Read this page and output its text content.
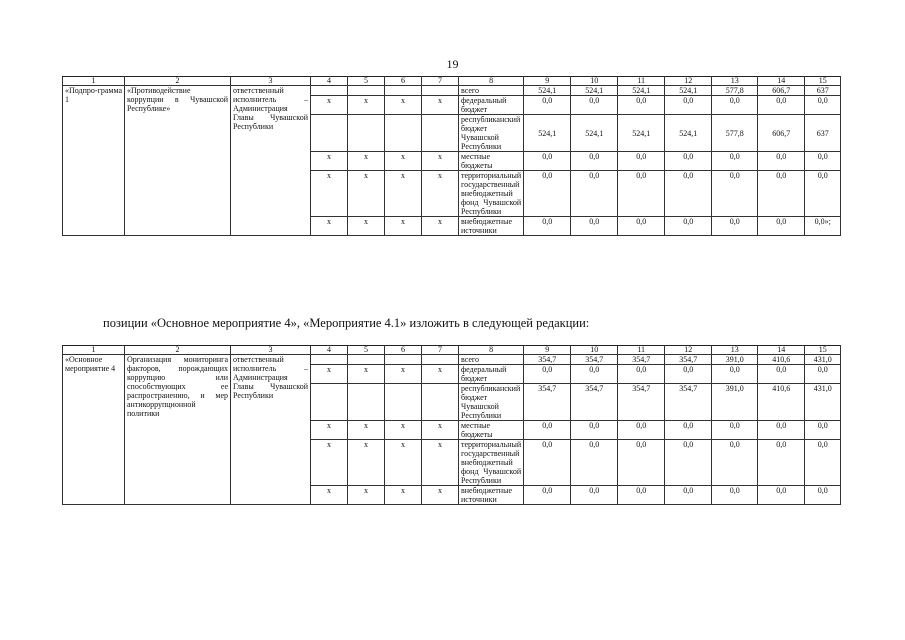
19
1	2	3	4	5	6	7	8	9	10	11	12	13	14	15
«Подпро-грамма 1	«Противодействие коррупции в Чувашской Республике»	ответственный исполнитель – Администрация Главы Чувашской Республики					всего	524,1	524,1	524,1	524,1	577,8	606,7	637
			x	x	x	x	федеральный бюджет	0,0	0,0	0,0	0,0	0,0	0,0	0,0
							республиканский бюджет Чувашской Республики	524,1	524,1	524,1	524,1	577,8	606,7	637
			x	x	x	x	местные бюджеты	0,0	0,0	0,0	0,0	0,0	0,0	0,0
			x	x	x	x	территориальный государственный внебюджетный фонд Чувашской Республики	0,0	0,0	0,0	0,0	0,0	0,0	0,0
			x	x	x	x	внебюджетные источники	0,0	0,0	0,0	0,0	0,0	0,0	0,0»;
позиции «Основное мероприятие 4», «Мероприятие 4.1» изложить в следующей редакции:
1	2	3	4	5	6	7	8	9	10	11	12	13	14	15
«Основное мероприятие 4	Организация мониторинга факторов, порождающих коррупцию или способствующих ее распространению, и мер антикоррупционной политики	ответственный исполнитель – Администрация Главы Чувашской Республики					всего	354,7	354,7	354,7	354,7	391,0	410,6	431,0
			x	x	x	x	федеральный бюджет	0,0	0,0	0,0	0,0	0,0	0,0	0,0
							республиканский бюджет Чувашской Республики	354,7	354,7	354,7	354,7	391,0	410,6	431,0
			x	x	x	x	местные бюджеты	0,0	0,0	0,0	0,0	0,0	0,0	0,0
			x	x	x	x	территориальный государственный внебюджетный фонд Чувашской Республики	0,0	0,0	0,0	0,0	0,0	0,0	0,0
			x	x	x	x	внебюджетные источники	0,0	0,0	0,0	0,0	0,0	0,0	0,0
